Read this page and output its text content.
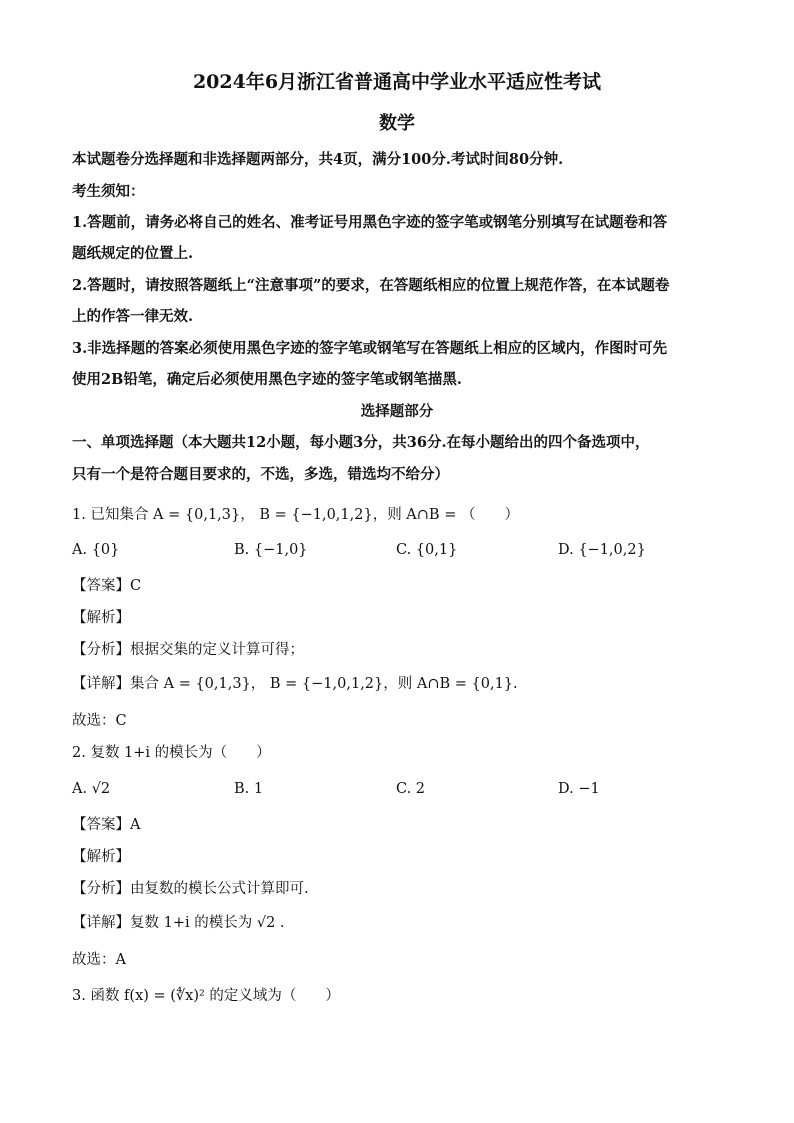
2024年6月浙江省普通高中学业水平适应性考试
数学
本试题卷分选择题和非选择题两部分，共4页，满分100分.考试时间80分钟.
考生须知：
1.答题前，请务必将自己的姓名、准考证号用黑色字迹的签字笔或钢笔分别填写在试题卷和答
题纸规定的位置上.
2.答题时，请按照答题纸上“注意事项”的要求，在答题纸相应的位置上规范作答，在本试题卷
上的作答一律无效.
3.非选择题的答案必须使用黑色字迹的签字笔或钢笔写在答题纸上相应的区域内，作图时可先
使用2B铅笔，确定后必须使用黑色字迹的签字笔或钢笔描黑.
选择题部分
一、单项选择题（本大题共12小题，每小题3分，共36分.在每小题给出的四个备选项中，
只有一个是符合题目要求的，不选，多选，错选均不给分）
1. 已知集合 A = {0,1,3}， B = {−1,0,1,2}，则 A∩B = （　　）
A. {0}	B. {−1,0}	C. {0,1}	D. {−1,0,2}
【答案】C
【解析】
【分析】根据交集的定义计算可得；
【详解】集合 A = {0,1,3}， B = {−1,0,1,2}，则 A∩B = {0,1}.
故选：C
2. 复数 1+i 的模长为（　　）
A. √2	B. 1	C. 2	D. −1
【答案】A
【解析】
【分析】由复数的模长公式计算即可.
【详解】复数 1+i 的模长为 √2 .
故选：A
3. 函数 f(x) = (∜x)² 的定义域为（　　）
